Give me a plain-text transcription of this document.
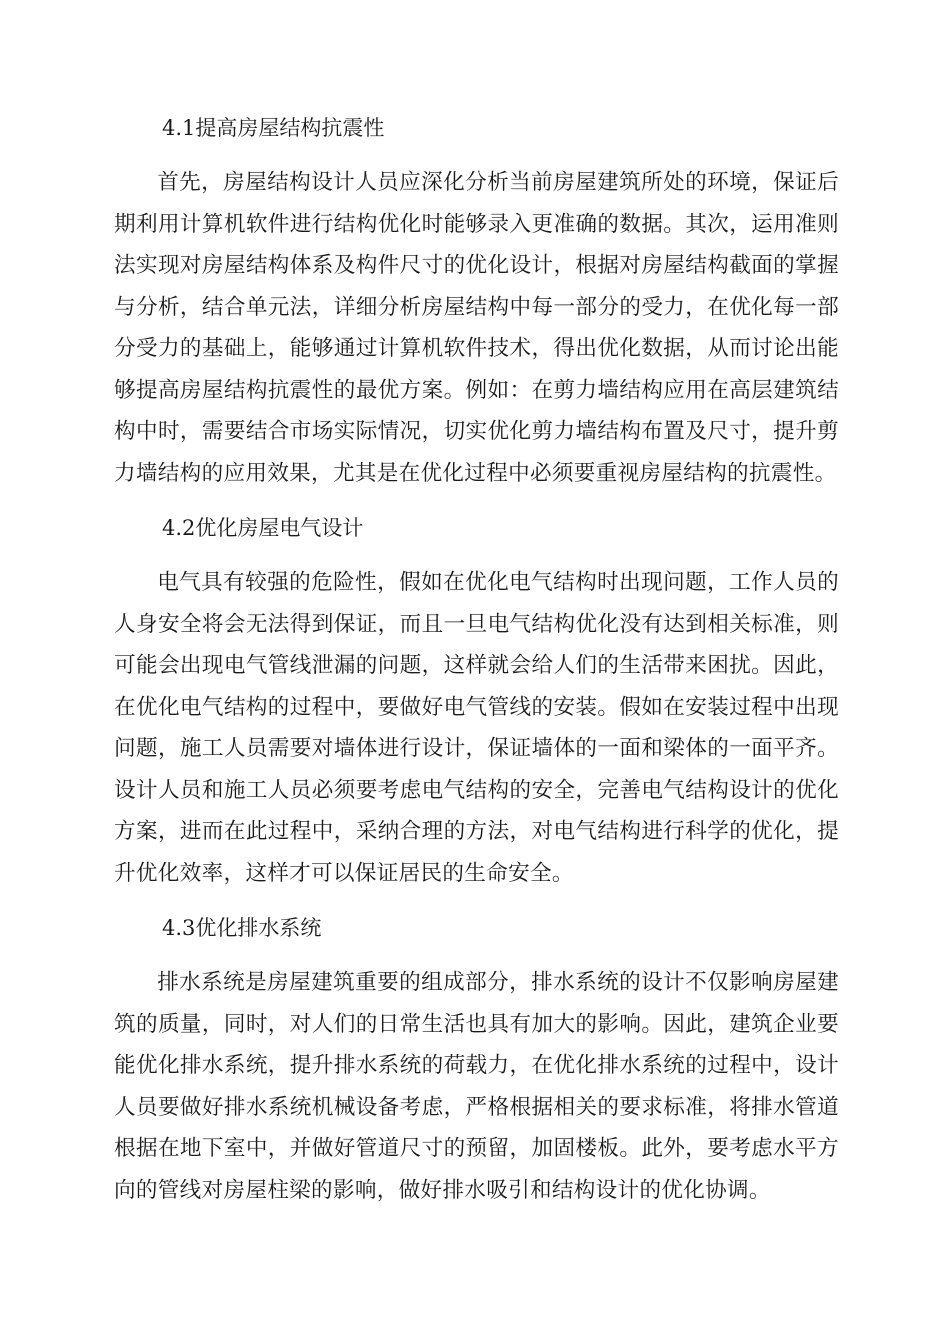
4.1提高房屋结构抗震性

首先，房屋结构设计人员应深化分析当前房屋建筑所处的环境，保证后期利用计算机软件进行结构优化时能够录入更准确的数据。其次，运用准则法实现对房屋结构体系及构件尺寸的优化设计，根据对房屋结构截面的掌握与分析，结合单元法，详细分析房屋结构中每一部分的受力，在优化每一部分受力的基础上，能够通过计算机软件技术，得出优化数据，从而讨论出能够提高房屋结构抗震性的最优方案。例如：在剪力墙结构应用在高层建筑结构中时，需要结合市场实际情况，切实优化剪力墙结构布置及尺寸，提升剪力墙结构的应用效果，尤其是在优化过程中必须要重视房屋结构的抗震性。

4.2优化房屋电气设计

电气具有较强的危险性，假如在优化电气结构时出现问题，工作人员的人身安全将会无法得到保证，而且一旦电气结构优化没有达到相关标准，则可能会出现电气管线泄漏的问题，这样就会给人们的生活带来困扰。因此，在优化电气结构的过程中，要做好电气管线的安装。假如在安装过程中出现问题，施工人员需要对墙体进行设计，保证墙体的一面和梁体的一面平齐。设计人员和施工人员必须要考虑电气结构的安全，完善电气结构设计的优化方案，进而在此过程中，采纳合理的方法，对电气结构进行科学的优化，提升优化效率，这样才可以保证居民的生命安全。

4.3优化排水系统

排水系统是房屋建筑重要的组成部分，排水系统的设计不仅影响房屋建筑的质量，同时，对人们的日常生活也具有加大的影响。因此，建筑企业要能优化排水系统，提升排水系统的荷载力，在优化排水系统的过程中，设计人员要做好排水系统机械设备考虑，严格根据相关的要求标准，将排水管道根据在地下室中，并做好管道尺寸的预留，加固楼板。此外，要考虑水平方向的管线对房屋柱梁的影响，做好排水吸引和结构设计的优化协调。
